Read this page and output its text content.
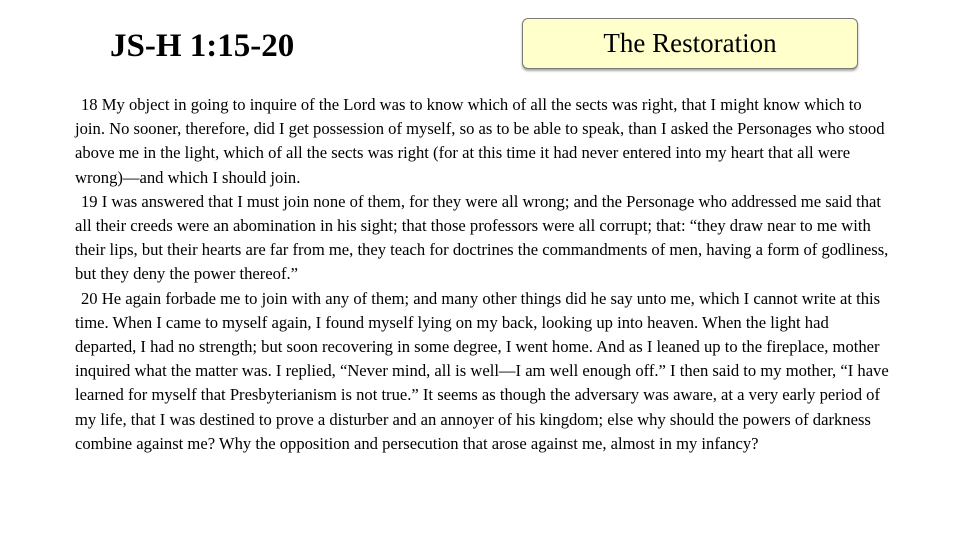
JS-H 1:15-20	The Restoration

18 My object in going to inquire of the Lord was to know which of all the sects was right, that I might know which to join. No sooner, therefore, did I get possession of myself, so as to be able to speak, than I asked the Personages who stood above me in the light, which of all the sects was right (for at this time it had never entered into my heart that all were wrong)—and which I should join.

19 I was answered that I must join none of them, for they were all wrong; and the Personage who addressed me said that all their creeds were an abomination in his sight; that those professors were all corrupt; that: “they draw near to me with their lips, but their hearts are far from me, they teach for doctrines the commandments of men, having a form of godliness, but they deny the power thereof.”

20 He again forbade me to join with any of them; and many other things did he say unto me, which I cannot write at this time. When I came to myself again, I found myself lying on my back, looking up into heaven. When the light had departed, I had no strength; but soon recovering in some degree, I went home. And as I leaned up to the fireplace, mother inquired what the matter was. I replied, “Never mind, all is well—I am well enough off.” I then said to my mother, “I have learned for myself that Presbyterianism is not true.” It seems as though the adversary was aware, at a very early period of my life, that I was destined to prove a disturber and an annoyer of his kingdom; else why should the powers of darkness combine against me? Why the opposition and persecution that arose against me, almost in my infancy?
